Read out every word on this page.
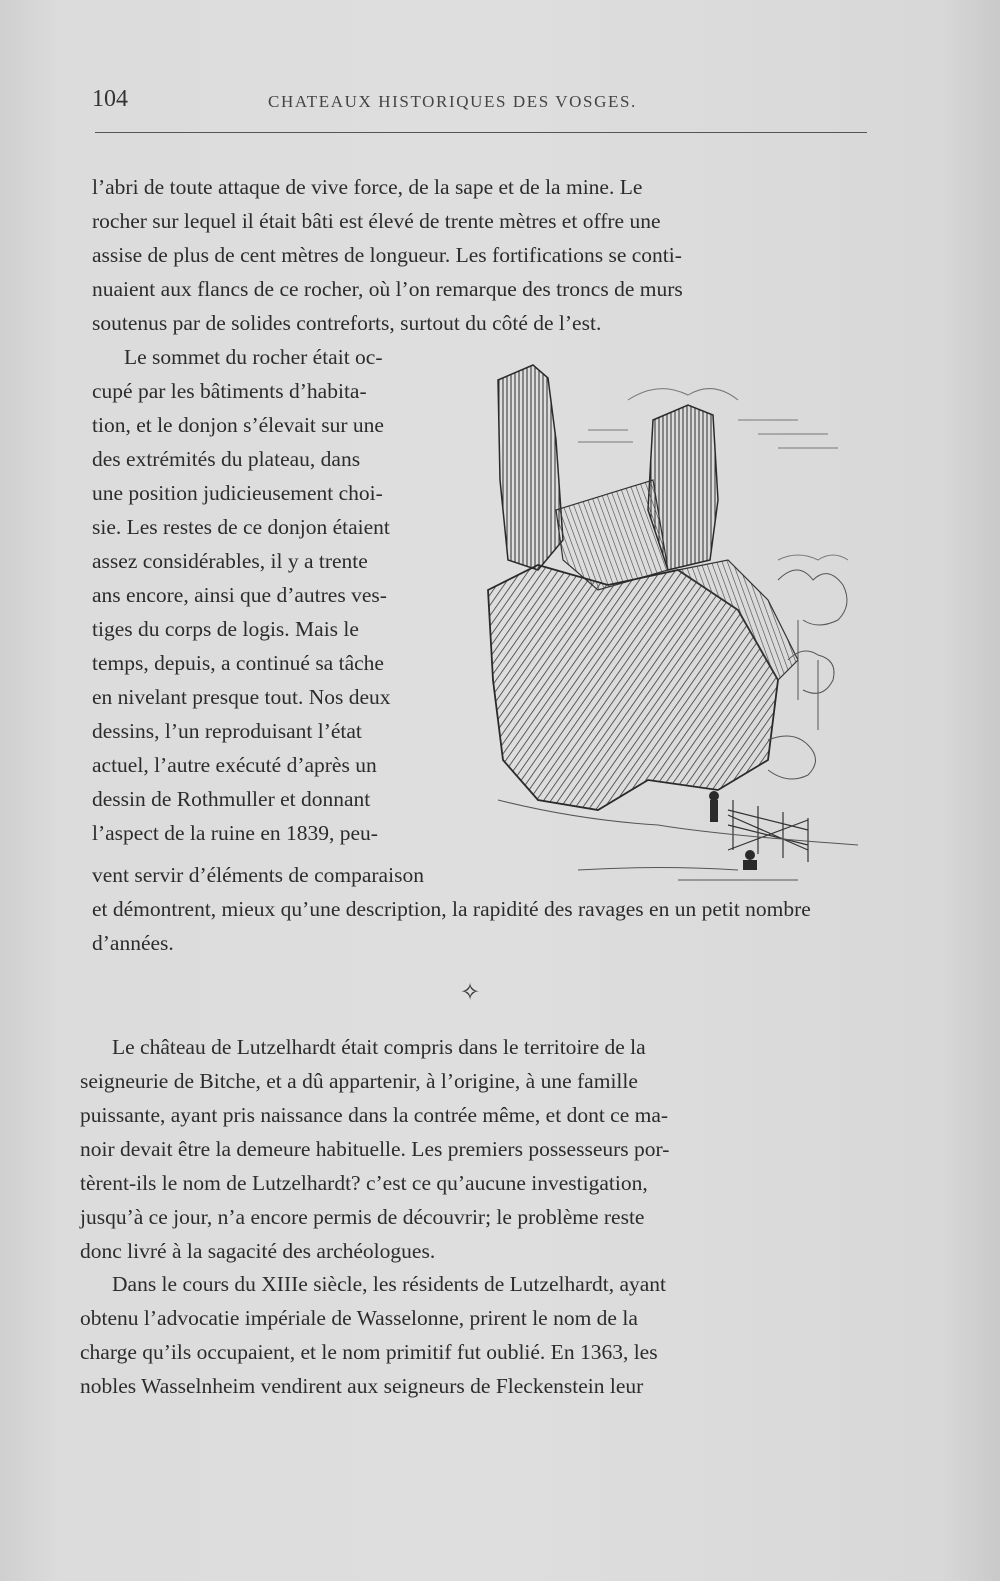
104	CHATEAUX HISTORIQUES DES VOSGES.
l’abri de toute attaque de vive force, de la sape et de la mine. Le
rocher sur lequel il était bâti est élevé de trente mètres et offre une
assise de plus de cent mètres de longueur. Les fortifications se conti-
nuaient aux flancs de ce rocher, où l’on remarque des troncs de murs
soutenus par de solides contreforts, surtout du côté de l’est.
Le sommet du rocher était oc-
cupé par les bâtiments d’habita-
tion, et le donjon s’élevait sur une
des extrémités du plateau, dans
une position judicieusement choi-
sie. Les restes de ce donjon étaient
assez considérables, il y a trente
ans encore, ainsi que d’autres ves-
tiges du corps de logis. Mais le
temps, depuis, a continué sa tâche
en nivelant presque tout. Nos deux
dessins, l’un reproduisant l’état
actuel, l’autre exécuté d’après un
dessin de Rothmuller et donnant
l’aspect de la ruine en 1839, peu-
vent servir d’éléments de comparaison
et démontrent, mieux qu’une description, la rapidité des ravages en un petit nombre d’années.
✧
Le château de Lutzelhardt était compris dans le territoire de la
seigneurie de Bitche, et a dû appartenir, à l’origine, à une famille
puissante, ayant pris naissance dans la contrée même, et dont ce ma-
noir devait être la demeure habituelle. Les premiers possesseurs por-
tèrent-ils le nom de Lutzelhardt? c’est ce qu’aucune investigation,
jusqu’à ce jour, n’a encore permis de découvrir; le problème reste
donc livré à la sagacité des archéologues.
Dans le cours du XIIIe siècle, les résidents de Lutzelhardt, ayant
obtenu l’advocatie impériale de Wasselonne, prirent le nom de la
charge qu’ils occupaient, et le nom primitif fut oublié. En 1363, les
nobles Wasselnheim vendirent aux seigneurs de Fleckenstein leur
